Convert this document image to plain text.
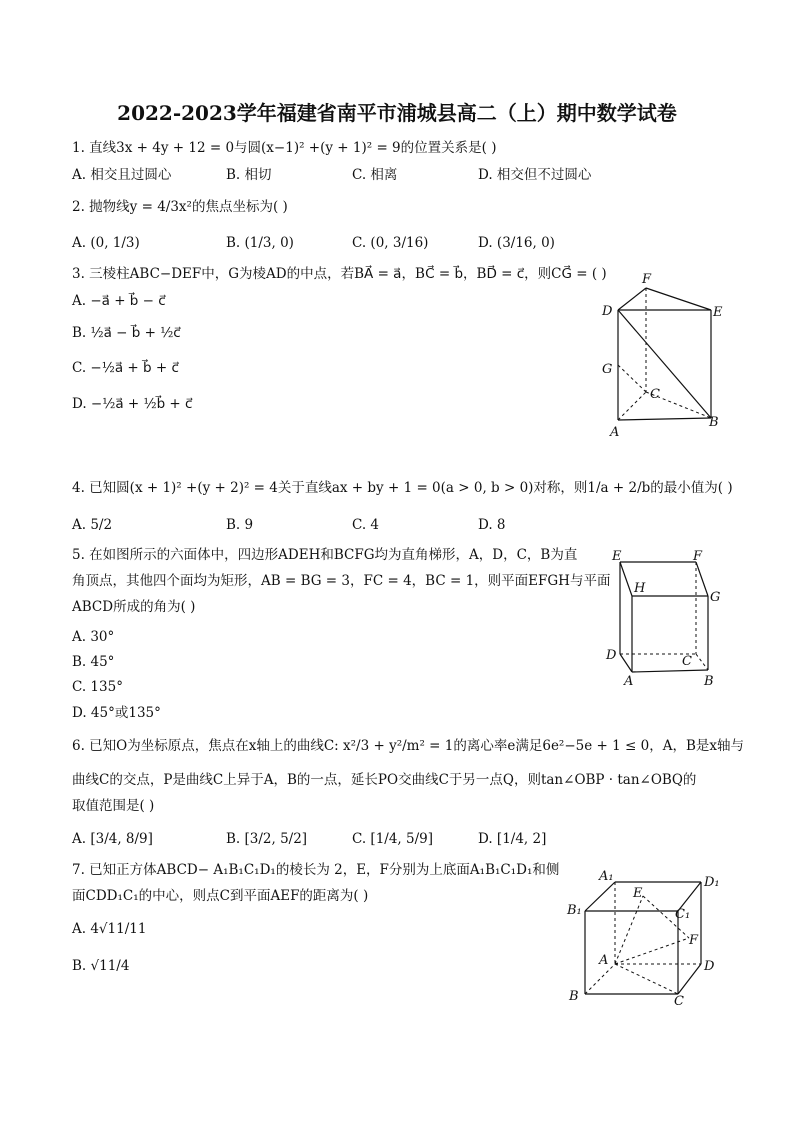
2022-2023学年福建省南平市浦城县高二（上）期中数学试卷
1. 直线3x + 4y + 12 = 0与圆(x−1)² +(y + 1)² = 9的位置关系是( )
A. 相交且过圆心	B. 相切	C. 相离	D. 相交但不过圆心
2. 抛物线y = 4/3x²的焦点坐标为( )
A. (0, 1/3)	B. (1/3, 0)	C. (0, 3/16)	D. (3/16, 0)
3. 三棱柱ABC−DEF中，G为棱AD的中点，若BA⃗ = a⃗，BC⃗ = b⃗，BD⃗ = c⃗，则CG⃗ = ( )
A. −a⃗ + b⃗ − c⃗
B. ½a⃗ − b⃗ + ½c⃗
C. −½a⃗ + b⃗ + c⃗
D. −½a⃗ + ½b⃗ + c⃗
F
D	E
G
C
A
B
4. 已知圆(x + 1)² +(y + 2)² = 4关于直线ax + by + 1 = 0(a > 0, b > 0)对称，则1/a + 2/b的最小值为( )
A. 5/2	B. 9	C. 4	D. 8
5. 在如图所示的六面体中，四边形ADEH和BCFG均为直角梯形，A，D，C，B为直
角顶点，其他四个面均为矩形，AB = BG = 3，FC = 4，BC = 1，则平面EFGH与平面
ABCD所成的角为( )
A. 30°
B. 45°
C. 135°
D. 45°或135°
E	F
H
G
D	C
A	B
6. 已知O为坐标原点，焦点在x轴上的曲线C: x²/3 + y²/m² = 1的离心率e满足6e²−5e + 1 ≤ 0，A，B是x轴与
曲线C的交点，P是曲线C上异于A，B的一点，延长PO交曲线C于另一点Q，则tan∠OBP · tan∠OBQ的
取值范围是( )
A. [3/4, 8/9]	B. [3/2, 5/2]	C. [1/4, 5/9]	D. [1/4, 2]
7. 已知正方体ABCD− A₁B₁C₁D₁的棱长为 2，E，F分别为上底面A₁B₁C₁D₁和侧
面CDD₁C₁的中心，则点C到平面AEF的距离为( )
A. 4√11/11
B. √11/4
A₁	D₁
E
B₁	C₁
F
A	D
B	C
